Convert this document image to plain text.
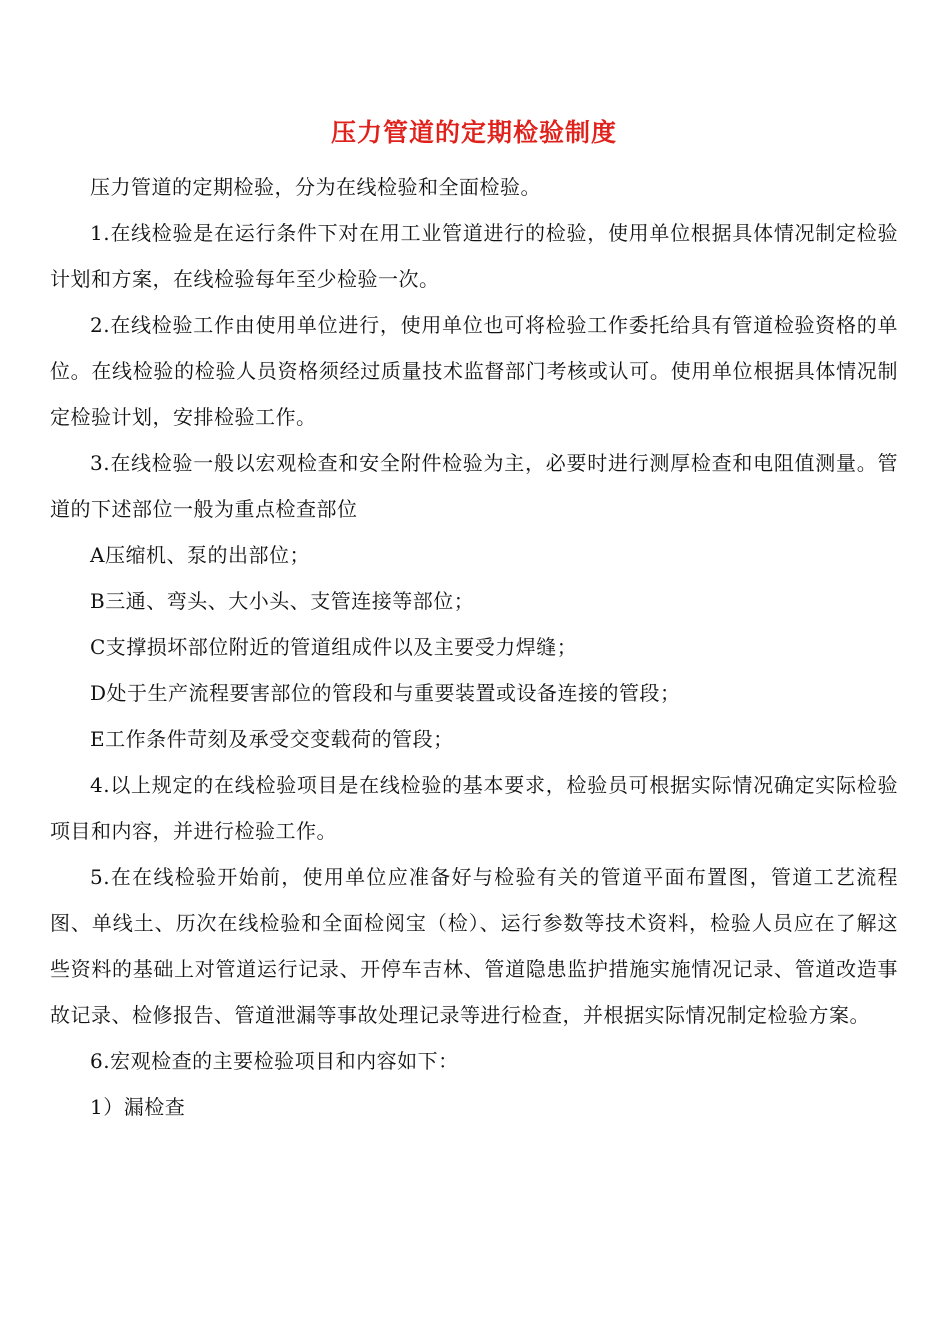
压力管道的定期检验制度

压力管道的定期检验，分为在线检验和全面检验。

1.在线检验是在运行条件下对在用工业管道进行的检验，使用单位根据具体情况制定检验计划和方案，在线检验每年至少检验一次。

2.在线检验工作由使用单位进行，使用单位也可将检验工作委托给具有管道检验资格的单位。在线检验的检验人员资格须经过质量技术监督部门考核或认可。使用单位根据具体情况制定检验计划，安排检验工作。

3.在线检验一般以宏观检查和安全附件检验为主，必要时进行测厚检查和电阻值测量。管道的下述部位一般为重点检查部位

A压缩机、泵的出部位；

B三通、弯头、大小头、支管连接等部位；

C支撑损坏部位附近的管道组成件以及主要受力焊缝；

D处于生产流程要害部位的管段和与重要装置或设备连接的管段；

E工作条件苛刻及承受交变载荷的管段；

4.以上规定的在线检验项目是在线检验的基本要求，检验员可根据实际情况确定实际检验项目和内容，并进行检验工作。

5.在在线检验开始前，使用单位应准备好与检验有关的管道平面布置图，管道工艺流程图、单线土、历次在线检验和全面检阅宝（检）、运行参数等技术资料，检验人员应在了解这些资料的基础上对管道运行记录、开停车吉林、管道隐患监护措施实施情况记录、管道改造事故记录、检修报告、管道泄漏等事故处理记录等进行检查，并根据实际情况制定检验方案。

6.宏观检查的主要检验项目和内容如下：

1）漏检查
